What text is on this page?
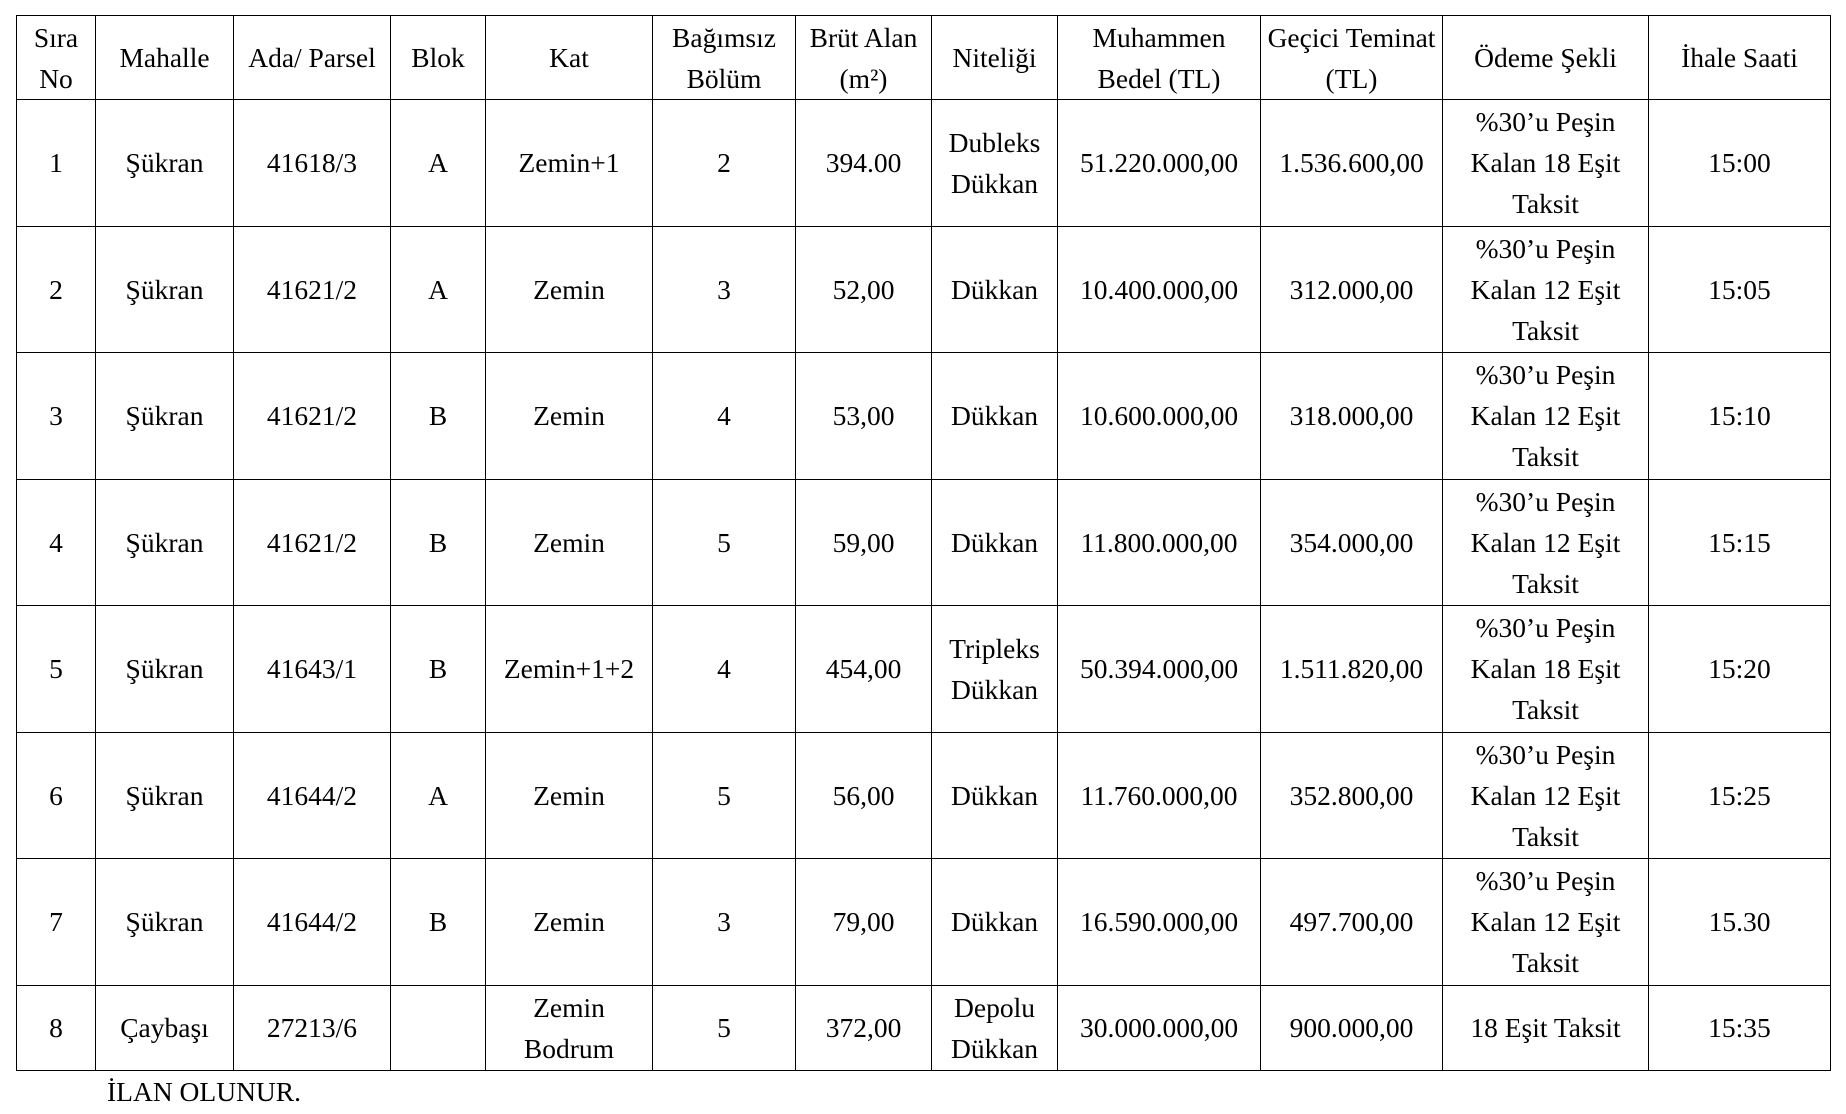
Sıra No	Mahalle	Ada/ Parsel	Blok	Kat	Bağımsız Bölüm	Brüt Alan (m²)	Niteliği	Muhammen Bedel (TL)	Geçici Teminat (TL)	Ödeme Şekli	İhale Saati
1	Şükran	41618/3	A	Zemin+1	2	394.00	Dubleks Dükkan	51.220.000,00	1.536.600,00	%30’u Peşin Kalan 18 Eşit Taksit	15:00
2	Şükran	41621/2	A	Zemin	3	52,00	Dükkan	10.400.000,00	312.000,00	%30’u Peşin Kalan 12 Eşit Taksit	15:05
3	Şükran	41621/2	B	Zemin	4	53,00	Dükkan	10.600.000,00	318.000,00	%30’u Peşin Kalan 12 Eşit Taksit	15:10
4	Şükran	41621/2	B	Zemin	5	59,00	Dükkan	11.800.000,00	354.000,00	%30’u Peşin Kalan 12 Eşit Taksit	15:15
5	Şükran	41643/1	B	Zemin+1+2	4	454,00	Tripleks Dükkan	50.394.000,00	1.511.820,00	%30’u Peşin Kalan 18 Eşit Taksit	15:20
6	Şükran	41644/2	A	Zemin	5	56,00	Dükkan	11.760.000,00	352.800,00	%30’u Peşin Kalan 12 Eşit Taksit	15:25
7	Şükran	41644/2	B	Zemin	3	79,00	Dükkan	16.590.000,00	497.700,00	%30’u Peşin Kalan 12 Eşit Taksit	15.30
8	Çaybaşı	27213/6		Zemin Bodrum	5	372,00	Depolu Dükkan	30.000.000,00	900.000,00	18 Eşit Taksit	15:35
İLAN OLUNUR.
